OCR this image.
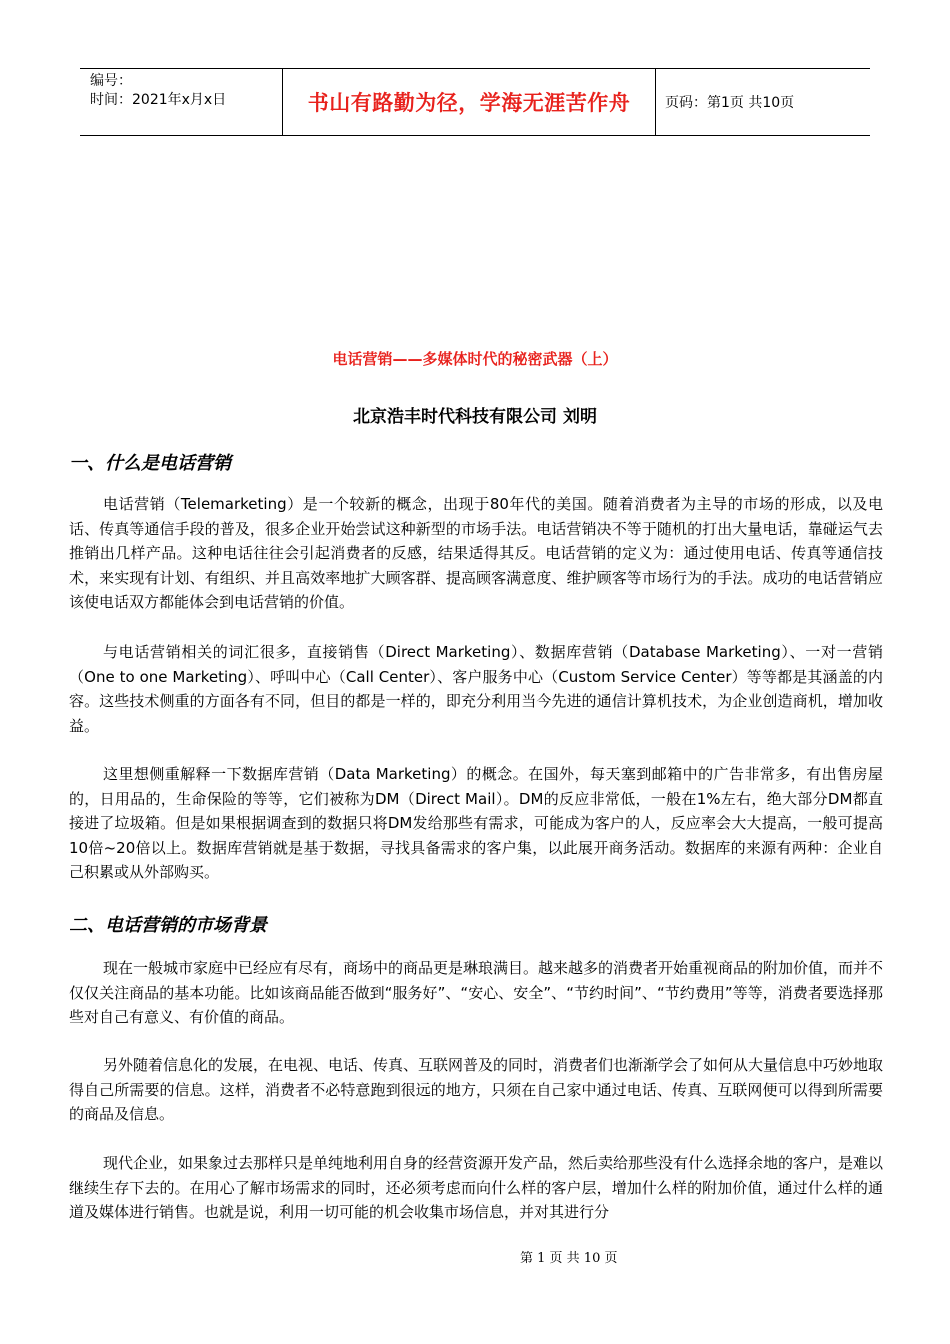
编号：
时间：2021年x月x日	书山有路勤为径，学海无涯苦作舟	页码：第1页 共10页
电话营销——多媒体时代的秘密武器（上）
北京浩丰时代科技有限公司 刘明
一、什么是电话营销

电话营销（Telemarketing）是一个较新的概念，出现于80年代的美国。随着消费者为主导的市场的形成，以及电话、传真等通信手段的普及，很多企业开始尝试这种新型的市场手法。电话营销决不等于随机的打出大量电话，靠碰运气去推销出几样产品。这种电话往往会引起消费者的反感，结果适得其反。电话营销的定义为：通过使用电话、传真等通信技术，来实现有计划、有组织、并且高效率地扩大顾客群、提高顾客满意度、维护顾客等市场行为的手法。成功的电话营销应该使电话双方都能体会到电话营销的价值。

与电话营销相关的词汇很多，直接销售（Direct Marketing）、数据库营销（Database Marketing）、一对一营销（One to one Marketing）、呼叫中心（Call Center）、客户服务中心（Custom Service Center）等等都是其涵盖的内容。这些技术侧重的方面各有不同，但目的都是一样的，即充分利用当今先进的通信计算机技术，为企业创造商机，增加收益。

这里想侧重解释一下数据库营销（Data Marketing）的概念。在国外，每天塞到邮箱中的广告非常多，有出售房屋的，日用品的，生命保险的等等，它们被称为DM（Direct Mail）。DM的反应非常低，一般在1%左右，绝大部分DM都直接进了垃圾箱。但是如果根据调查到的数据只将DM发给那些有需求，可能成为客户的人，反应率会大大提高，一般可提高10倍~20倍以上。数据库营销就是基于数据，寻找具备需求的客户集，以此展开商务活动。数据库的来源有两种：企业自己积累或从外部购买。

二、电话营销的市场背景

现在一般城市家庭中已经应有尽有，商场中的商品更是琳琅满目。越来越多的消费者开始重视商品的附加价值，而并不仅仅关注商品的基本功能。比如该商品能否做到“服务好”、“安心、安全”、“节约时间”、“节约费用”等等，消费者要选择那些对自己有意义、有价值的商品。

另外随着信息化的发展，在电视、电话、传真、互联网普及的同时，消费者们也渐渐学会了如何从大量信息中巧妙地取得自己所需要的信息。这样，消费者不必特意跑到很远的地方，只须在自己家中通过电话、传真、互联网便可以得到所需要的商品及信息。

现代企业，如果象过去那样只是单纯地利用自身的经营资源开发产品，然后卖给那些没有什么选择余地的客户，是难以继续生存下去的。在用心了解市场需求的同时，还必须考虑而向什么样的客户层，增加什么样的附加价值，通过什么样的通道及媒体进行销售。也就是说，利用一切可能的机会收集市场信息，并对其进行分

第 1 页 共 10 页
